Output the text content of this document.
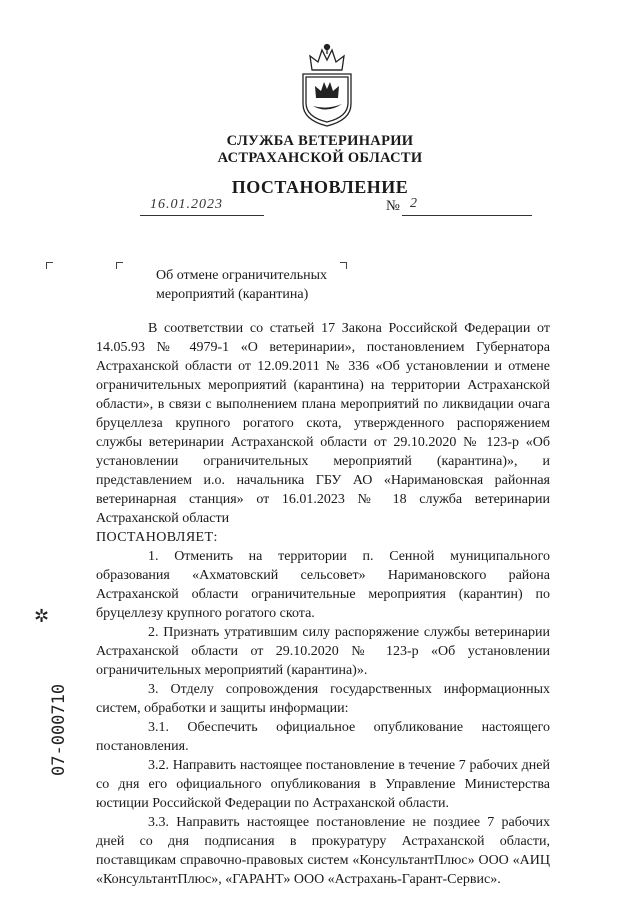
СЛУЖБА ВЕТЕРИНАРИИ
АСТРАХАНСКОЙ ОБЛАСТИ
ПОСТАНОВЛЕНИЕ
16.01.2023	№ 2
Об отмене ограничительных
мероприятий (карантина)

В соответствии со статьей 17 Закона Российской Федерации от 14.05.93 № 4979-1 «О ветеринарии», постановлением Губернатора Астраханской области от 12.09.2011 № 336 «Об установлении и отмене ограничительных мероприятий (карантина) на территории Астраханской области», в связи с выполнением плана мероприятий по ликвидации очага бруцеллеза крупного рогатого скота, утвержденного распоряжением службы ветеринарии Астраханской области от 29.10.2020 № 123-р «Об установлении ограничительных мероприятий (карантина)», и представлением и.о. начальника ГБУ АО «Наримановская районная ветеринарная станция» от 16.01.2023 № 18 служба ветеринарии Астраханской области

ПОСТАНОВЛЯЕТ:

1. Отменить на территории п. Сенной муниципального образования «Ахматовский сельсовет» Наримановского района Астраханской области ограничительные мероприятия (карантин) по бруцеллезу крупного рогатого скота.

2. Признать утратившим силу распоряжение службы ветеринарии Астраханской области от 29.10.2020 № 123-р «Об установлении ограничительных мероприятий (карантина)».

3. Отделу сопровождения государственных информационных систем, обработки и защиты информации:

3.1. Обеспечить официальное опубликование настоящего постановления.

3.2. Направить настоящее постановление в течение 7 рабочих дней со дня его официального опубликования в Управление Министерства юстиции Российской Федерации по Астраханской области.

3.3. Направить настоящее постановление не поздиее 7 рабочих дней со дня подписания в прокуратуру Астраханской области, поставщикам справочно-правовых систем «КонсультантПлюс» ООО «АИЦ «КонсультантПлюс», «ГАРАНТ» ООО «Астрахань-Гарант-Сервис».

✲
07-000710
